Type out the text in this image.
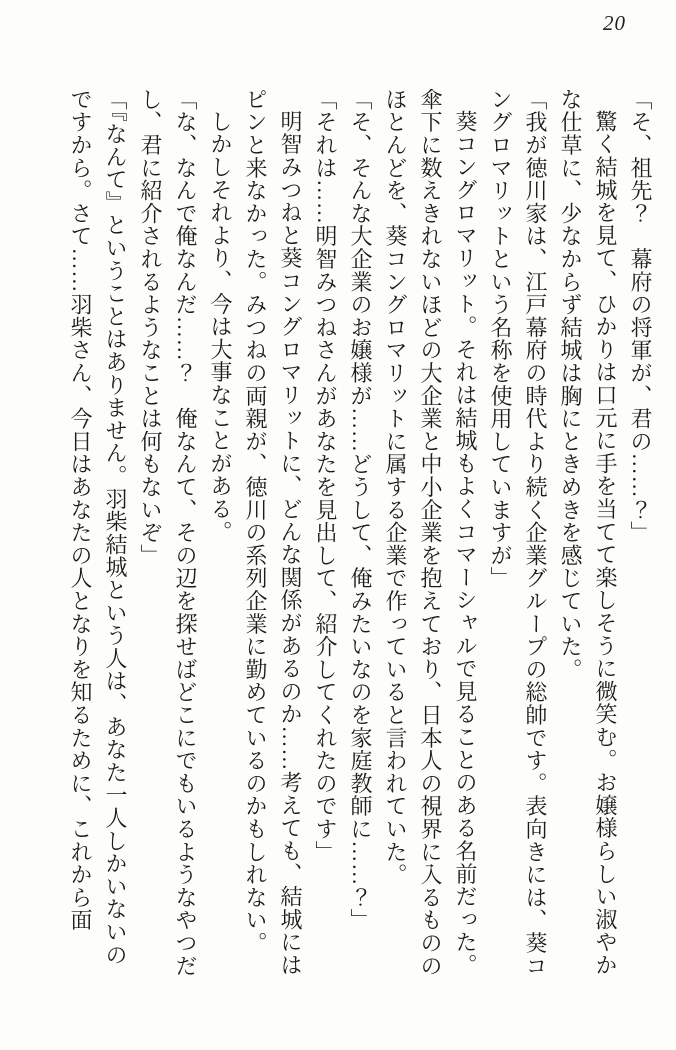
20

「そ、祖先？　幕府の将軍が、君の……？」

驚く結城を見て、ひかりは口元に手を当てて楽しそうに微笑む。お嬢様らしい淑やかな仕草に、少なからず結城は胸にときめきを感じていた。

「我が徳川家は、江戸幕府の時代より続く企業グループの総帥です。表向きには、葵コングロマリットという名称を使用していますが」

葵コングロマリット。それは結城もよくコマーシャルで見ることのある名前だった。傘下に数えきれないほどの大企業と中小企業を抱えており、日本人の視界に入るもののほとんどを、葵コングロマリットに属する企業で作っていると言われていた。

「そ、そんな大企業のお嬢様が……どうして、俺みたいなのを家庭教師に……？」

「それは……明智みつねさんがあなたを見出して、紹介してくれたのです」

明智みつねと葵コングロマリットに、どんな関係があるのか……考えても、結城にはピンと来なかった。みつねの両親が、徳川の系列企業に勤めているのかもしれない。

しかしそれより、今は大事なことがある。

「な、なんで俺なんだ……？　俺なんて、その辺を探せばどこにでもいるようなやつだし、君に紹介されるようなことは何もないぞ」

「『なんて』ということはありません。羽柴結城という人は、あなた一人しかいないのですから。さて……羽柴さん、今日はあなたの人となりを知るために、これから面
